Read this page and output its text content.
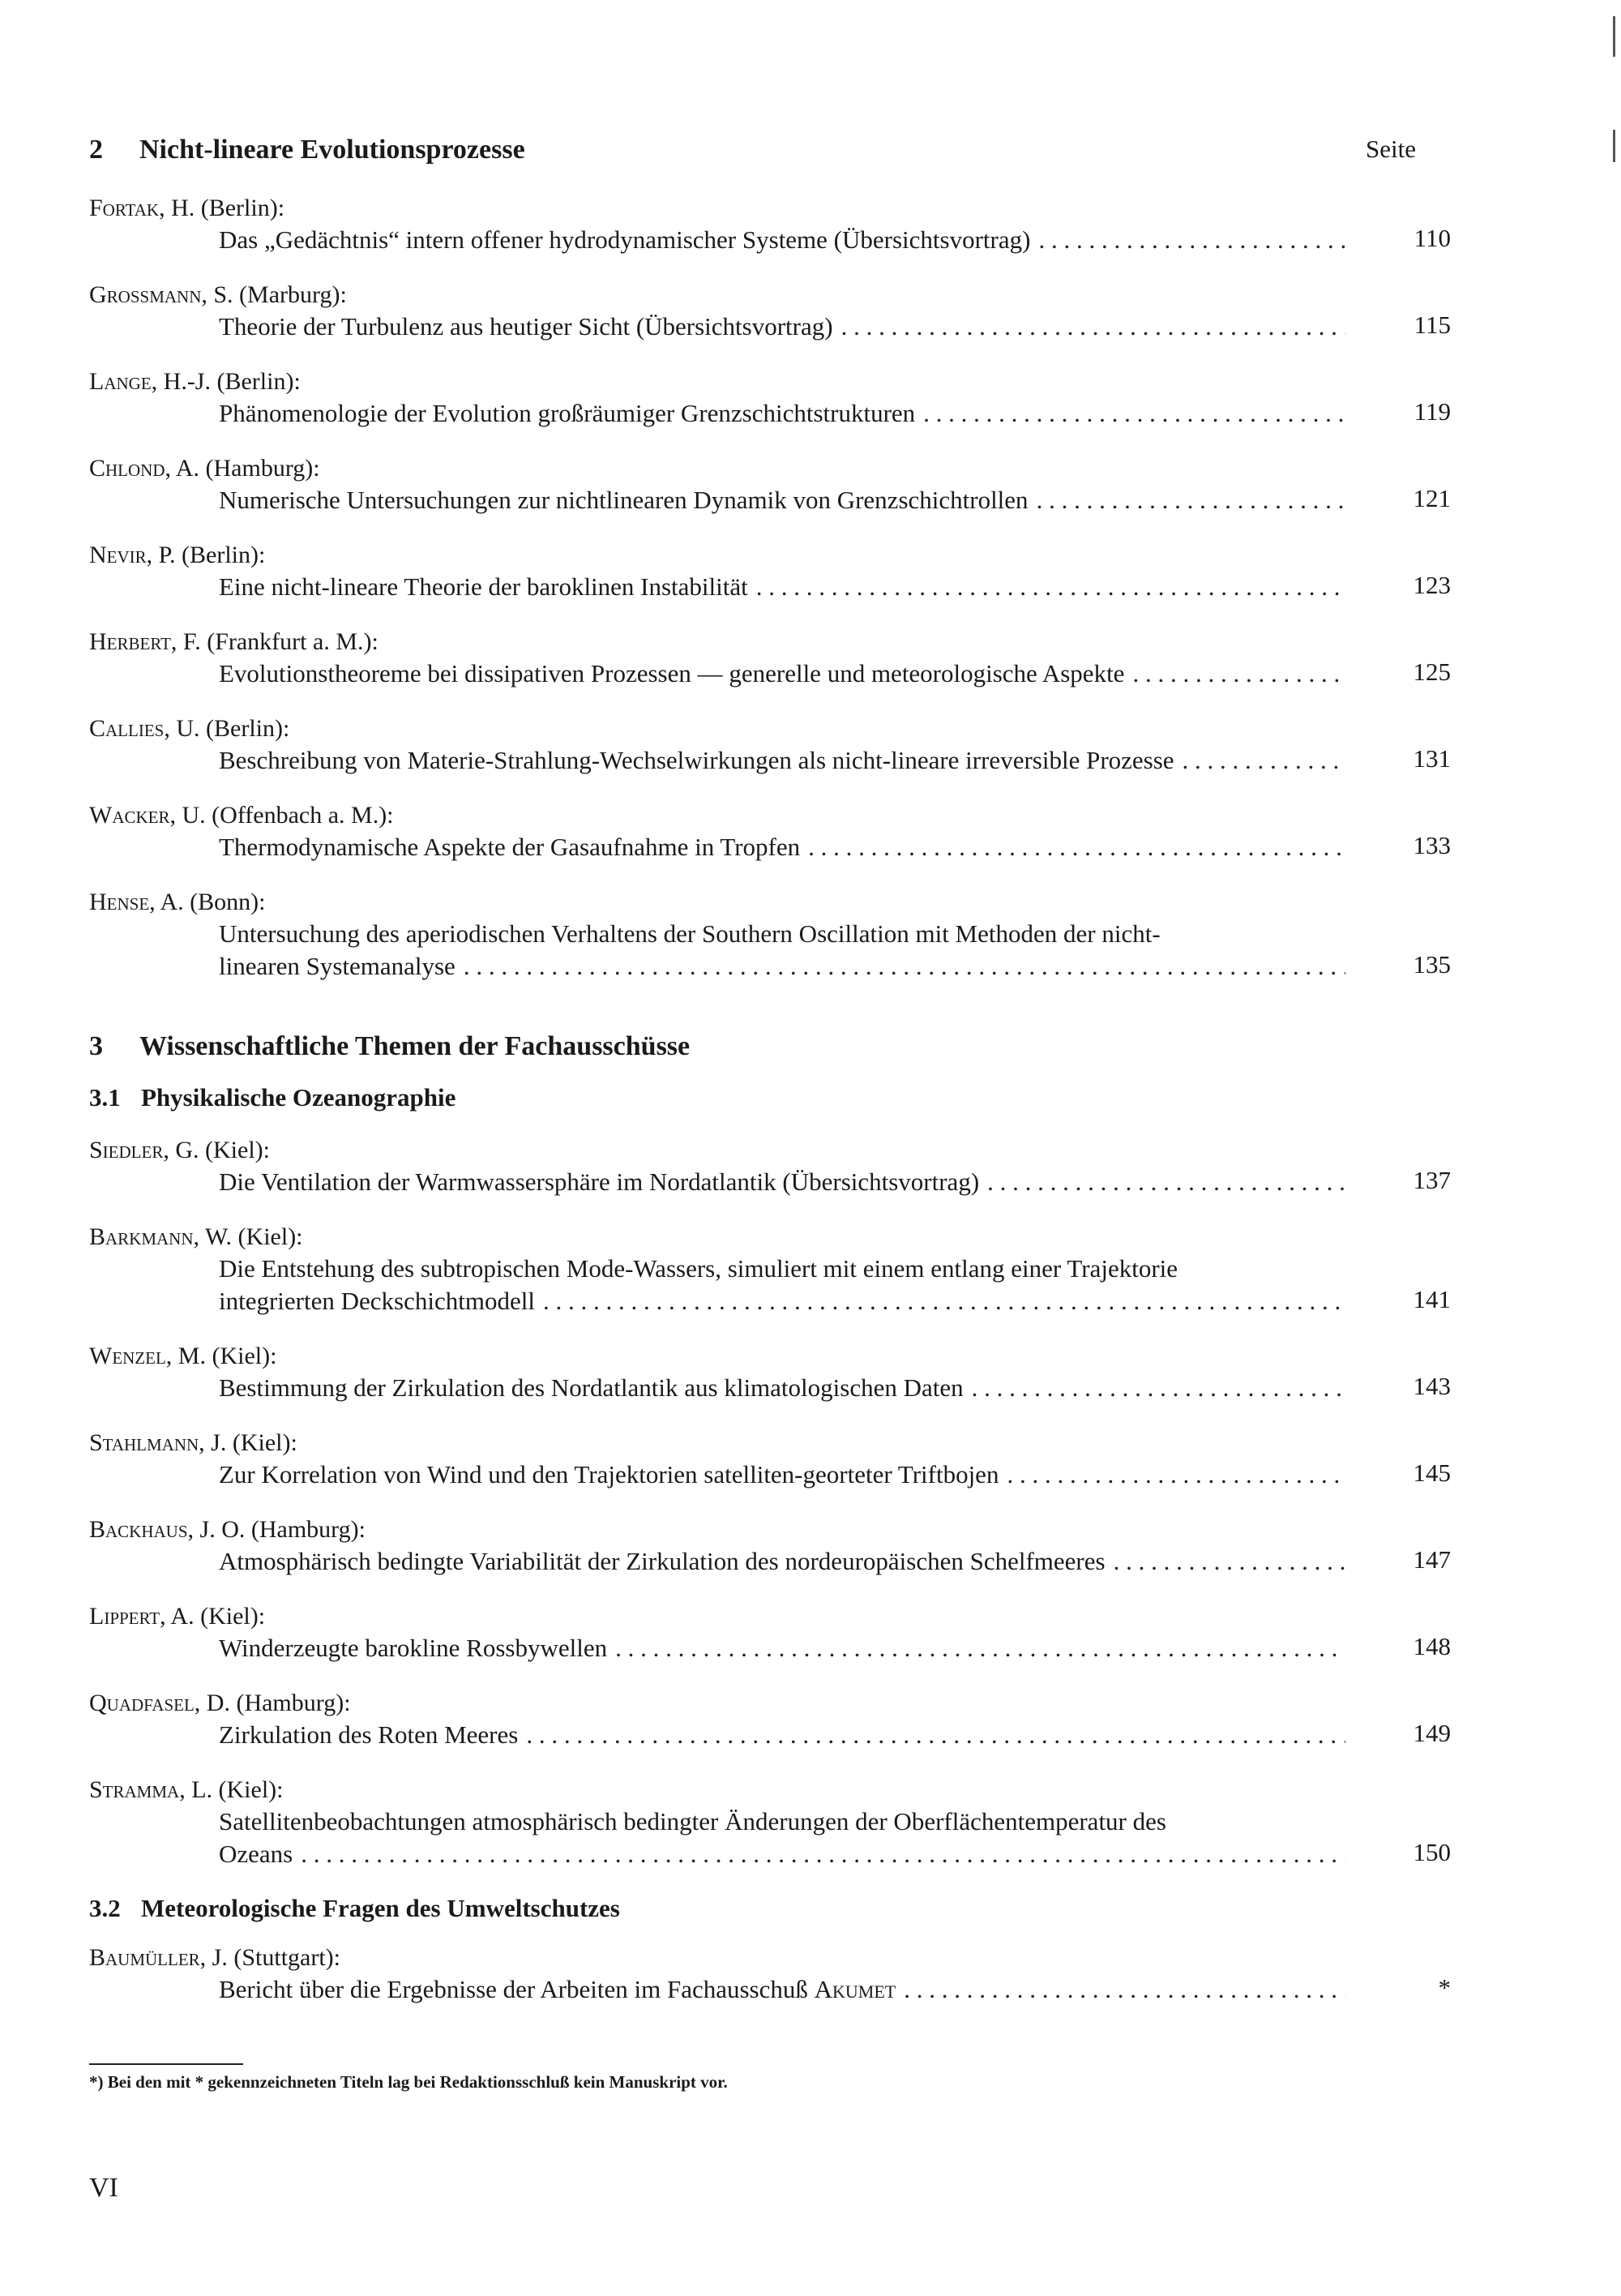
Seite
2 Nicht-lineare Evolutionsprozesse
Fortak, H. (Berlin):
Das „Gedächtnis“ intern offener hydrodynamischer Systeme (Übersichtsvortrag) . . .	110
Grossmann, S. (Marburg):
Theorie der Turbulenz aus heutiger Sicht (Übersichtsvortrag) . . .	115
Lange, H.-J. (Berlin):
Phänomenologie der Evolution großräumiger Grenzschichtstrukturen . . .	119
Chlond, A. (Hamburg):
Numerische Untersuchungen zur nichtlinearen Dynamik von Grenzschichtrollen . . .	121
Nevir, P. (Berlin):
Eine nicht-lineare Theorie der baroklinen Instabilität . . .	123
Herbert, F. (Frankfurt a. M.):
Evolutionstheoreme bei dissipativen Prozessen — generelle und meteorologische Aspekte . . .	125
Callies, U. (Berlin):
Beschreibung von Materie-Strahlung-Wechselwirkungen als nicht-lineare irreversible Prozesse . . .	131
Wacker, U. (Offenbach a. M.):
Thermodynamische Aspekte der Gasaufnahme in Tropfen . . .	133
Hense, A. (Bonn):
Untersuchung des aperiodischen Verhaltens der Southern Oscillation mit Methoden der nicht-
linearen Systemanalyse . . .	135
3 Wissenschaftliche Themen der Fachausschüsse
3.1 Physikalische Ozeanographie
Siedler, G. (Kiel):
Die Ventilation der Warmwassersphäre im Nordatlantik (Übersichtsvortrag) . . .	137
Barkmann, W. (Kiel):
Die Entstehung des subtropischen Mode-Wassers, simuliert mit einem entlang einer Trajektorie
integrierten Deckschichtmodell . . .	141
Wenzel, M. (Kiel):
Bestimmung der Zirkulation des Nordatlantik aus klimatologischen Daten . . .	143
Stahlmann, J. (Kiel):
Zur Korrelation von Wind und den Trajektorien satelliten-georteter Triftbojen . . .	145
Backhaus, J. O. (Hamburg):
Atmosphärisch bedingte Variabilität der Zirkulation des nordeuropäischen Schelfmeeres . . .	147
Lippert, A. (Kiel):
Winderzeugte barokline Rossbywellen . . .	148
Quadfasel, D. (Hamburg):
Zirkulation des Roten Meeres . . .	149
Stramma, L. (Kiel):
Satellitenbeobachtungen atmosphärisch bedingter Änderungen der Oberflächentemperatur des
Ozeans . . .	150
3.2 Meteorologische Fragen des Umweltschutzes
Baumüller, J. (Stuttgart):
Bericht über die Ergebnisse der Arbeiten im Fachausschuß Akumet . . .	*
*) Bei den mit * gekennzeichneten Titeln lag bei Redaktionsschluß kein Manuskript vor.
VI
